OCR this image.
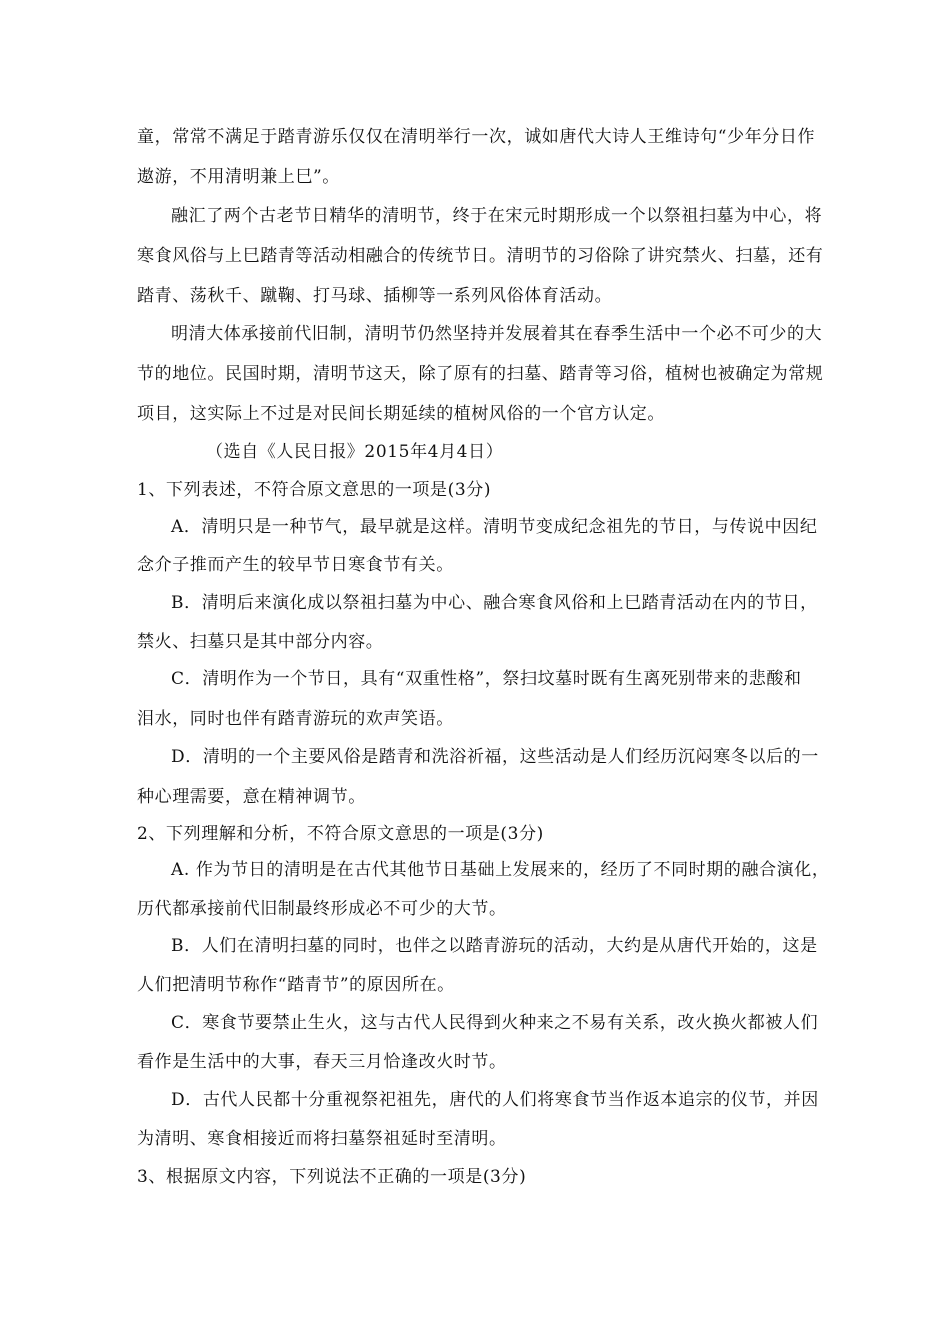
童，常常不满足于踏青游乐仅仅在清明举行一次，诚如唐代大诗人王维诗句“少年分日作
遨游，不用清明兼上巳”。
融汇了两个古老节日精华的清明节，终于在宋元时期形成一个以祭祖扫墓为中心，将
寒食风俗与上巳踏青等活动相融合的传统节日。清明节的习俗除了讲究禁火、扫墓，还有
踏青、荡秋千、蹴鞠、打马球、插柳等一系列风俗体育活动。
明清大体承接前代旧制，清明节仍然坚持并发展着其在春季生活中一个必不可少的大
节的地位。民国时期，清明节这天，除了原有的扫墓、踏青等习俗，植树也被确定为常规
项目，这实际上不过是对民间长期延续的植树风俗的一个官方认定。
（选自《人民日报》2015年4月4日）
1、下列表述，不符合原文意思的一项是(3分)
A．清明只是一种节气，最早就是这样。清明节变成纪念祖先的节日，与传说中因纪
念介子推而产生的较早节日寒食节有关。
B．清明后来演化成以祭祖扫墓为中心、融合寒食风俗和上巳踏青活动在内的节日，
禁火、扫墓只是其中部分内容。
C．清明作为一个节日，具有“双重性格”，祭扫坟墓时既有生离死别带来的悲酸和
泪水，同时也伴有踏青游玩的欢声笑语。
D．清明的一个主要风俗是踏青和洗浴祈福，这些活动是人们经历沉闷寒冬以后的一
种心理需要，意在精神调节。
2、下列理解和分析，不符合原文意思的一项是(3分)
A. 作为节日的清明是在古代其他节日基础上发展来的，经历了不同时期的融合演化，
历代都承接前代旧制最终形成必不可少的大节。
B．人们在清明扫墓的同时，也伴之以踏青游玩的活动，大约是从唐代开始的，这是
人们把清明节称作“踏青节”的原因所在。
C．寒食节要禁止生火，这与古代人民得到火种来之不易有关系，改火换火都被人们
看作是生活中的大事，春天三月恰逢改火时节。
D．古代人民都十分重视祭祀祖先，唐代的人们将寒食节当作返本追宗的仪节，并因
为清明、寒食相接近而将扫墓祭祖延时至清明。
3、根据原文内容，下列说法不正确的一项是(3分)
